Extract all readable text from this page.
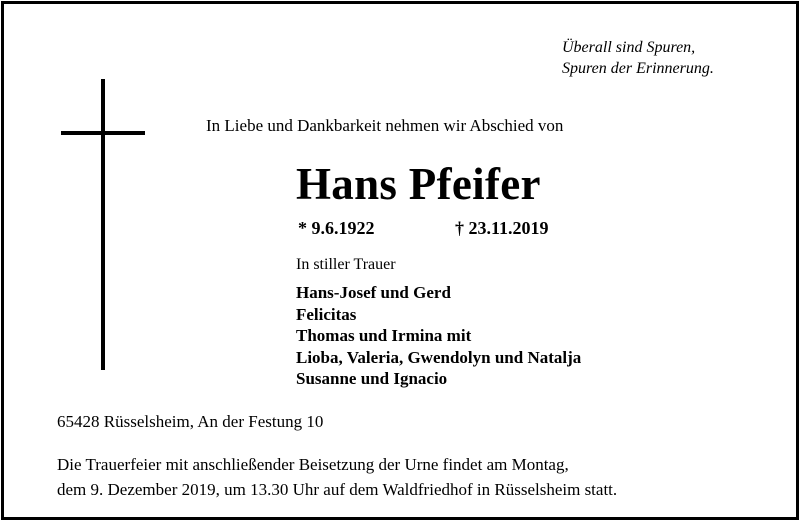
Überall sind Spuren,
Spuren der Erinnerung.
In Liebe und Dankbarkeit nehmen wir Abschied von
Hans Pfeifer
* 9.6.1922	† 23.11.2019
In stiller Trauer
Hans-Josef und Gerd
Felicitas
Thomas und Irmina mit
Lioba, Valeria, Gwendolyn und Natalja
Susanne und Ignacio
65428 Rüsselsheim, An der Festung 10
Die Trauerfeier mit anschließender Beisetzung der Urne findet am Montag,
dem 9. Dezember 2019, um 13.30 Uhr auf dem Waldfriedhof in Rüsselsheim statt.
